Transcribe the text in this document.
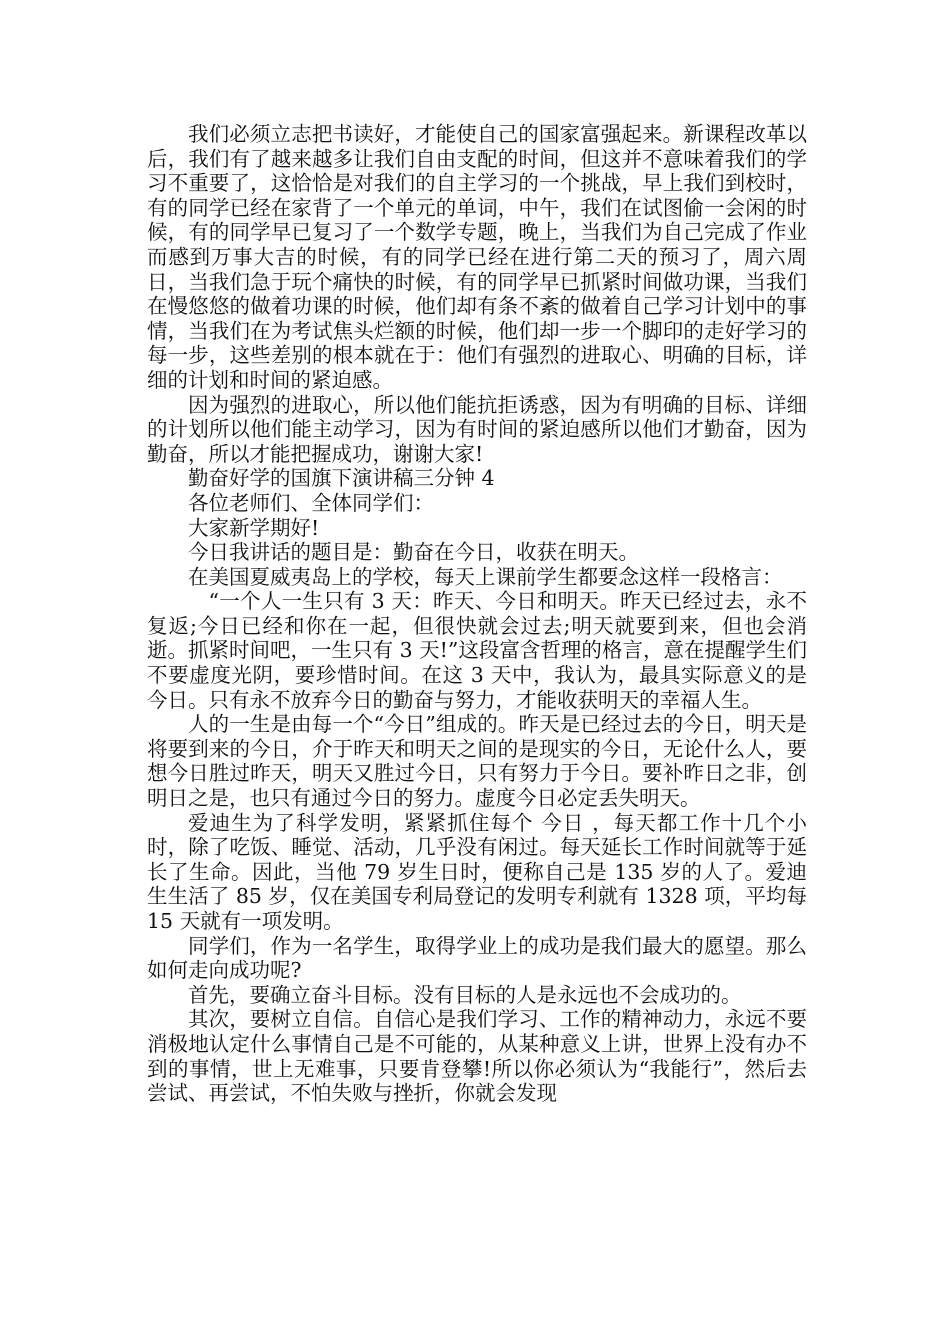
我们必须立志把书读好，才能使自己的国家富强起来。新课程改革以后，我们有了越来越多让我们自由支配的时间，但这并不意味着我们的学习不重要了，这恰恰是对我们的自主学习的一个挑战，早上我们到校时，有的同学已经在家背了一个单元的单词，中午，我们在试图偷一会闲的时候，有的同学早已复习了一个数学专题，晚上，当我们为自己完成了作业而感到万事大吉的时候，有的同学已经在进行第二天的预习了，周六周日，当我们急于玩个痛快的时候，有的同学早已抓紧时间做功课，当我们在慢悠悠的做着功课的时候，他们却有条不紊的做着自己学习计划中的事情，当我们在为考试焦头烂额的时候，他们却一步一个脚印的走好学习的每一步，这些差别的根本就在于：他们有强烈的进取心、明确的目标，详细的计划和时间的紧迫感。

因为强烈的进取心，所以他们能抗拒诱惑，因为有明确的目标、详细的计划所以他们能主动学习，因为有时间的紧迫感所以他们才勤奋，因为勤奋，所以才能把握成功，谢谢大家!

勤奋好学的国旗下演讲稿三分钟 4

各位老师们、全体同学们：

大家新学期好!

今日我讲话的题目是：勤奋在今日，收获在明天。

在美国夏威夷岛上的学校，每天上课前学生都要念这样一段格言：

“一个人一生只有 3 天：昨天、今日和明天。昨天已经过去，永不复返;今日已经和你在一起，但很快就会过去;明天就要到来，但也会消逝。抓紧时间吧，一生只有 3 天!”这段富含哲理的格言，意在提醒学生们不要虚度光阴，要珍惜时间。在这 3 天中，我认为，最具实际意义的是今日。只有永不放弃今日的勤奋与努力，才能收获明天的幸福人生。

人的一生是由每一个“今日”组成的。昨天是已经过去的今日，明天是将要到来的今日，介于昨天和明天之间的是现实的今日，无论什么人，要想今日胜过昨天，明天又胜过今日，只有努力于今日。要补昨日之非，创明日之是，也只有通过今日的努力。虚度今日必定丢失明天。

爱迪生为了科学发明，紧紧抓住每个 今日 ，每天都工作十几个小时，除了吃饭、睡觉、活动，几乎没有闲过。每天延长工作时间就等于延长了生命。因此，当他 79 岁生日时，便称自己是 135 岁的人了。爱迪生生活了 85 岁，仅在美国专利局登记的发明专利就有 1328 项，平均每 15 天就有一项发明。

同学们，作为一名学生，取得学业上的成功是我们最大的愿望。那么如何走向成功呢?

首先，要确立奋斗目标。没有目标的人是永远也不会成功的。

其次，要树立自信。自信心是我们学习、工作的精神动力，永远不要消极地认定什么事情自己是不可能的，从某种意义上讲，世界上没有办不到的事情，世上无难事，只要肯登攀!所以你必须认为“我能行”，然后去尝试、再尝试，不怕失败与挫折，你就会发现
